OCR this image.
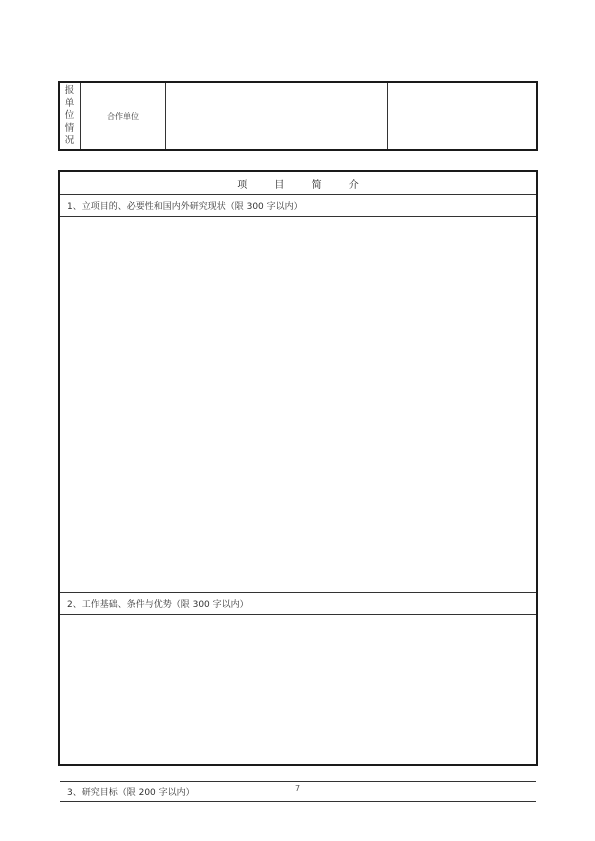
报
单
位
情
况
合作单位
项 目 简 介
1、立项目的、必要性和国内外研究现状（限 300 字以内）
2、工作基础、条件与优势（限 300 字以内）
3、研究目标（限 200 字以内）	7
